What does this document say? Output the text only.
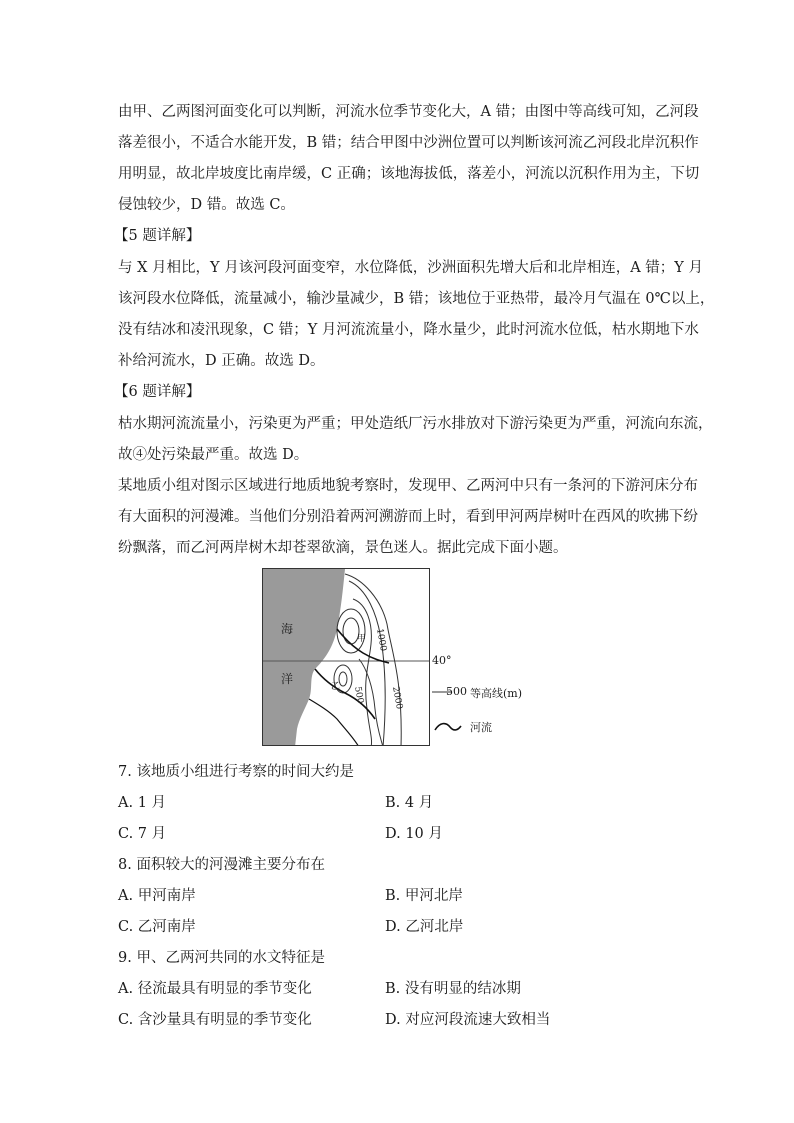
由甲、乙两图河面变化可以判断，河流水位季节变化大，A 错；由图中等高线可知，乙河段
落差很小，不适合水能开发，B 错；结合甲图中沙洲位置可以判断该河流乙河段北岸沉积作
用明显，故北岸坡度比南岸缓，C 正确；该地海拔低，落差小，河流以沉积作用为主，下切
侵蚀较少，D 错。故选 C。

【5 题详解】

与 X 月相比，Y 月该河段河面变窄，水位降低，沙洲面积先增大后和北岸相连，A 错；Y 月
该河段水位降低，流量减小，输沙量减少，B 错；该地位于亚热带，最冷月气温在 0℃以上，
没有结冰和凌汛现象，C 错；Y 月河流流量小，降水量少，此时河流水位低，枯水期地下水
补给河流水，D 正确。故选 D。

【6 题详解】

枯水期河流流量小，污染更为严重；甲处造纸厂污水排放对下游污染更为严重，河流向东流，
故④处污染最严重。故选 D。

某地质小组对图示区域进行地质地貌考察时，发现甲、乙两河中只有一条河的下游河床分布
有大面积的河漫滩。当他们分别沿着两河溯游而上时，看到甲河两岸树叶在西风的吹拂下纷
纷飘落，而乙河两岸树木却苍翠欲滴，景色迷人。据此完成下面小题。

海
洋
1000
500	2000
甲
乙
40°
500 等高线(m)
河流

7. 该地质小组进行考察的时间大约是

A. 1 月	B. 4 月

C. 7 月	D. 10 月

8. 面积较大的河漫滩主要分布在

A. 甲河南岸	B. 甲河北岸

C. 乙河南岸	D. 乙河北岸

9. 甲、乙两河共同的水文特征是

A. 径流最具有明显的季节变化	B. 没有明显的结冰期

C. 含沙量具有明显的季节变化	D. 对应河段流速大致相当
